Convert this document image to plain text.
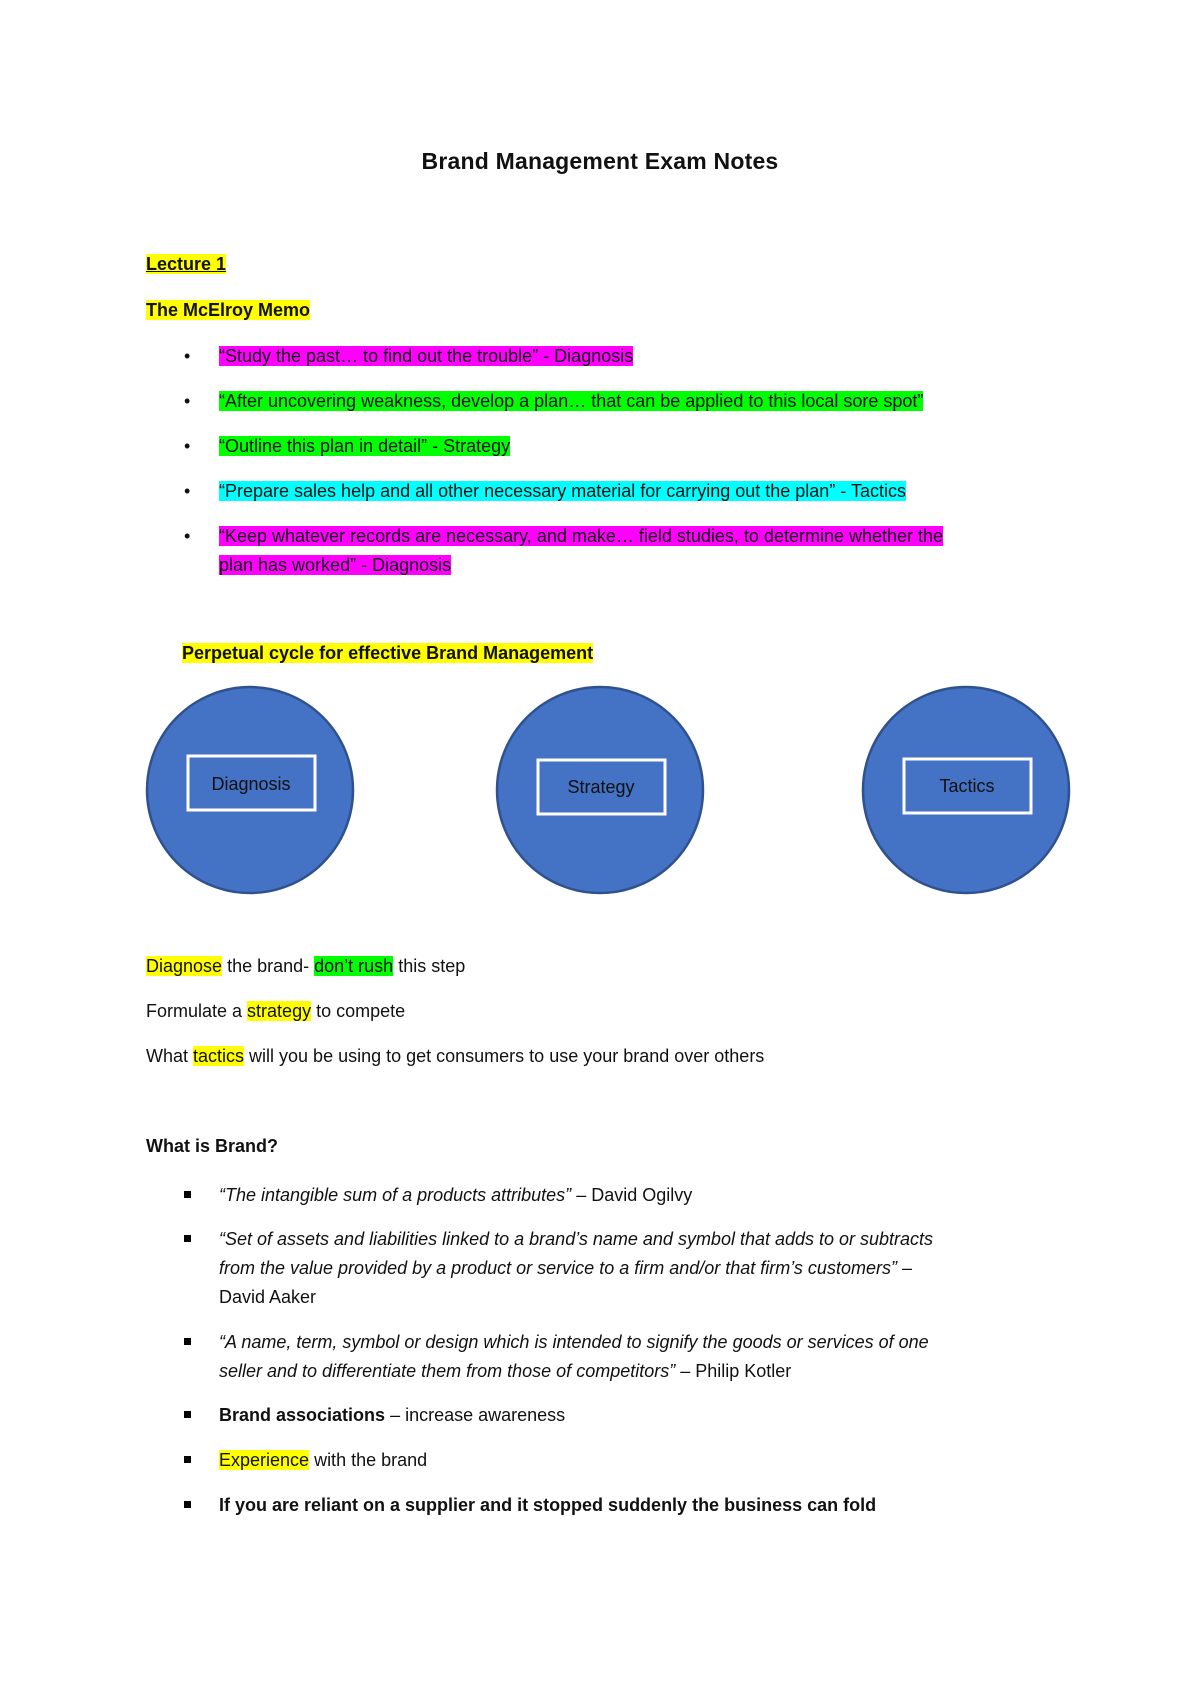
Brand Management Exam Notes
Lecture 1
The McElroy Memo
• “Study the past… to find out the trouble” - Diagnosis
• “After uncovering weakness, develop a plan… that can be applied to this local sore spot”
• “Outline this plan in detail” - Strategy
• “Prepare sales help and all other necessary material for carrying out the plan” - Tactics
• “Keep whatever records are necessary, and make… field studies, to determine whether the
plan has worked” - Diagnosis
Perpetual cycle for effective Brand Management
Diagnosis	Strategy	Tactics
Diagnose the brand- don’t rush this step
Formulate a strategy to compete
What tactics will you be using to get consumers to use your brand over others
What is Brand?
“The intangible sum of a products attributes” – David Ogilvy
“Set of assets and liabilities linked to a brand’s name and symbol that adds to or subtracts
from the value provided by a product or service to a firm and/or that firm’s customers” –
David Aaker
“A name, term, symbol or design which is intended to signify the goods or services of one
seller and to differentiate them from those of competitors” – Philip Kotler
Brand associations – increase awareness
Experience with the brand
If you are reliant on a supplier and it stopped suddenly the business can fold
